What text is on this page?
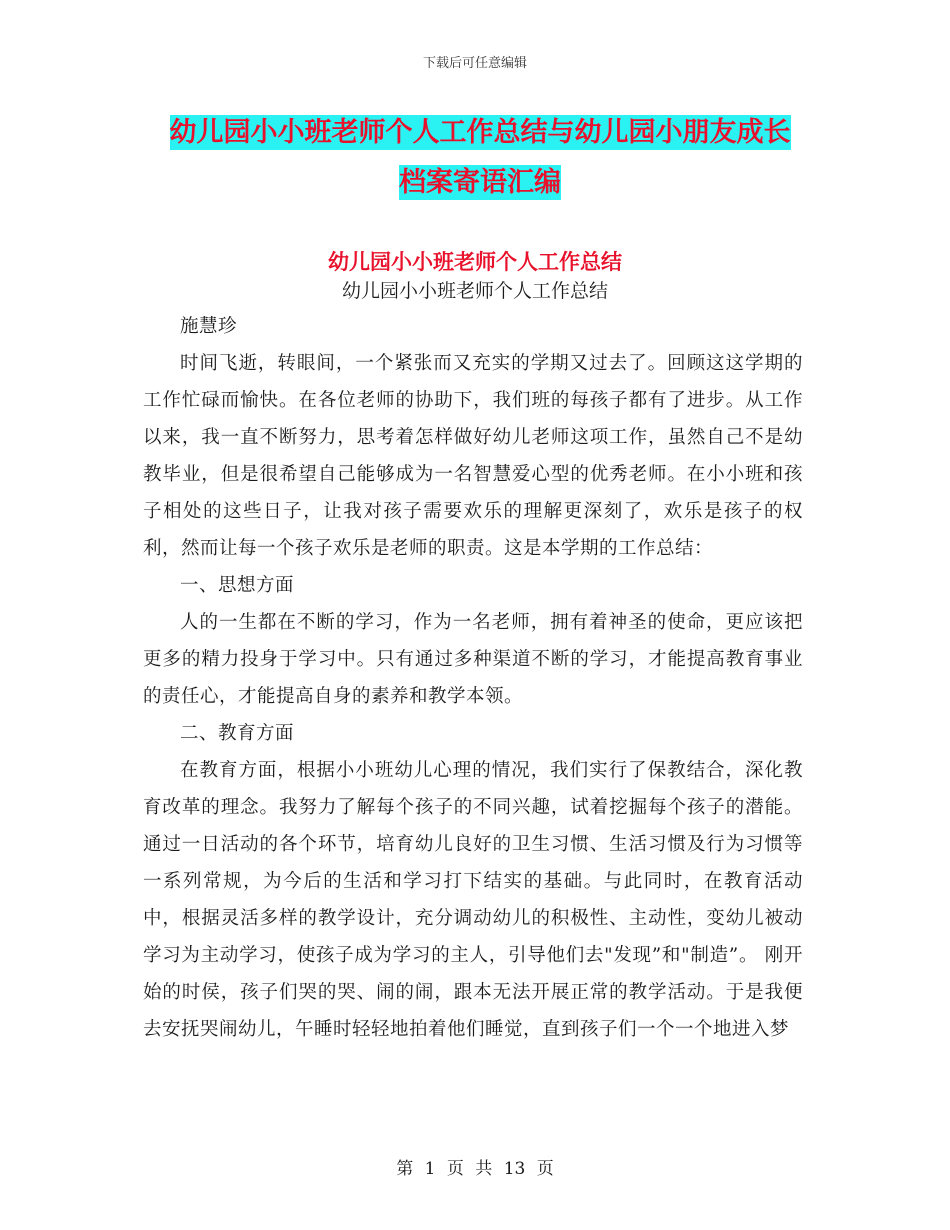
下载后可任意编辑
幼儿园小小班老师个人工作总结与幼儿园小朋友成长
档案寄语汇编
幼儿园小小班老师个人工作总结
幼儿园小小班老师个人工作总结

施慧珍

时间飞逝，转眼间，一个紧张而又充实的学期又过去了。回顾这这学期的工作忙碌而愉快。在各位老师的协助下，我们班的每孩子都有了进步。从工作以来，我一直不断努力，思考着怎样做好幼儿老师这项工作，虽然自己不是幼教毕业，但是很希望自己能够成为一名智慧爱心型的优秀老师。在小小班和孩子相处的这些日子，让我对孩子需要欢乐的理解更深刻了，欢乐是孩子的权利，然而让每一个孩子欢乐是老师的职责。这是本学期的工作总结：

一、思想方面

人的一生都在不断的学习，作为一名老师，拥有着神圣的使命，更应该把更多的精力投身于学习中。只有通过多种渠道不断的学习，才能提高教育事业的责任心，才能提高自身的素养和教学本领。

二、教育方面

在教育方面，根据小小班幼儿心理的情况，我们实行了保教结合，深化教育改革的理念。我努力了解每个孩子的不同兴趣，试着挖掘每个孩子的潜能。通过一日活动的各个环节，培育幼儿良好的卫生习惯、生活习惯及行为习惯等一系列常规，为今后的生活和学习打下结实的基础。与此同时，在教育活动中，根据灵活多样的教学设计，充分调动幼儿的积极性、主动性，变幼儿被动学习为主动学习，使孩子成为学习的主人，引导他们去"发现”和"制造”。 刚开始的时侯，孩子们哭的哭、闹的闹，跟本无法开展正常的教学活动。于是我便去安抚哭闹幼儿，午睡时轻轻地拍着他们睡觉，直到孩子们一个一个地进入梦

第 1 页 共 13 页
